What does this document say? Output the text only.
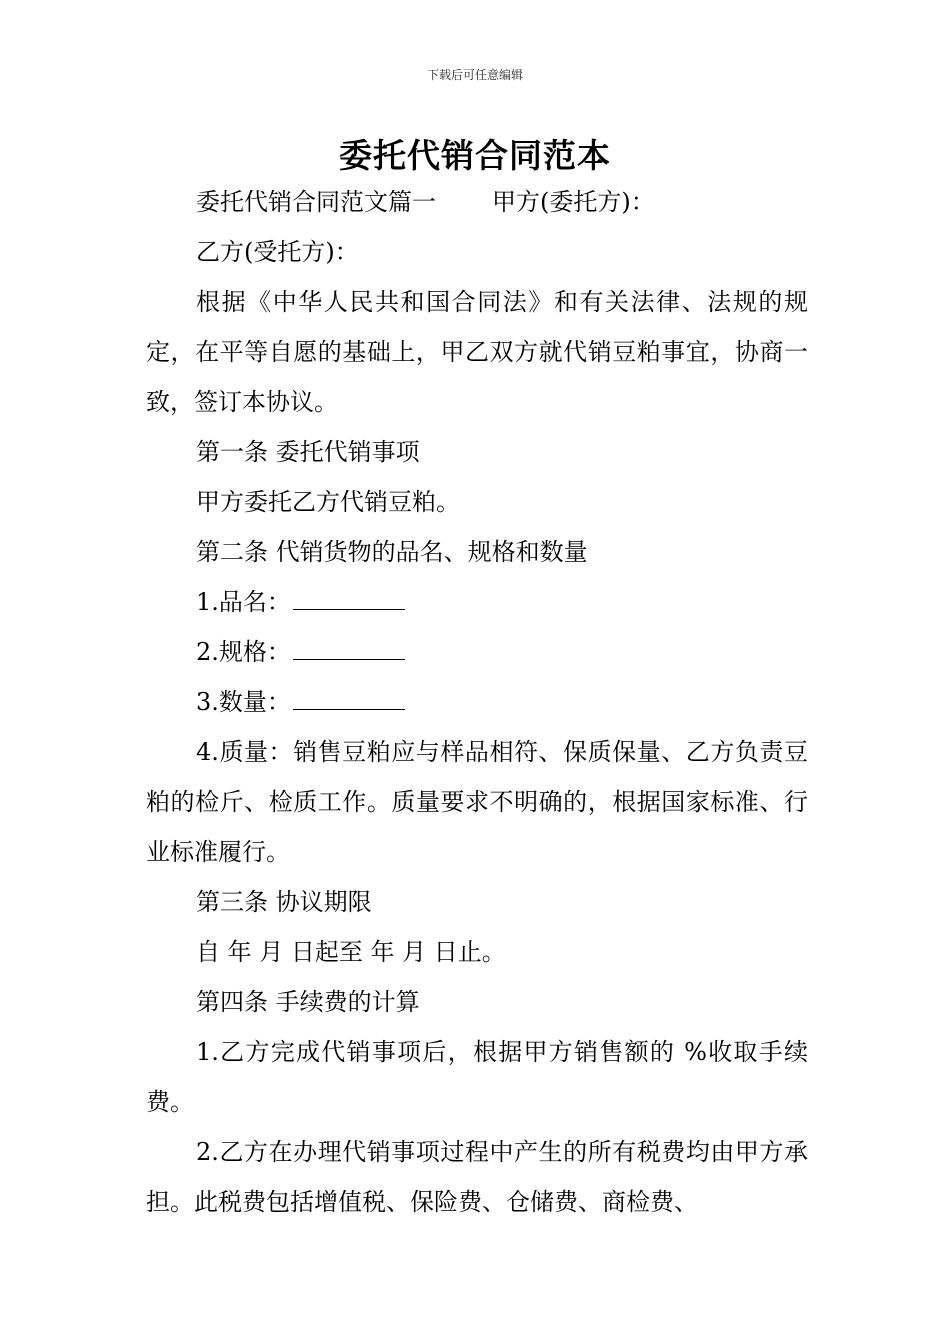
下载后可任意编辑
委托代销合同范本

委托代销合同范文篇一 甲方(委托方)：

乙方(受托方)：

根据《中华人民共和国合同法》和有关法律、法规的规定，在平等自愿的基础上，甲乙双方就代销豆粕事宜，协商一致，签订本协议。

第一条 委托代销事项

甲方委托乙方代销豆粕。

第二条 代销货物的品名、规格和数量

1.品名：

2.规格：

3.数量：

4.质量：销售豆粕应与样品相符、保质保量、乙方负责豆粕的检斤、检质工作。质量要求不明确的，根据国家标准、行业标准履行。

第三条 协议期限

自 年 月 日起至 年 月 日止。

第四条 手续费的计算

1.乙方完成代销事项后，根据甲方销售额的 %收取手续费。

2.乙方在办理代销事项过程中产生的所有税费均由甲方承担。此税费包括增值税、保险费、仓储费、商检费、
